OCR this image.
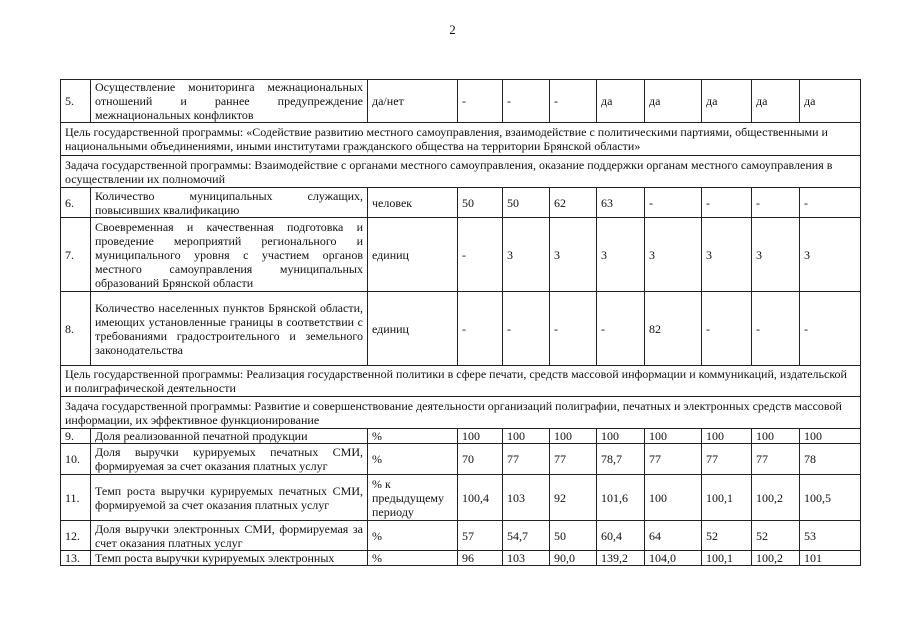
2
5.	Осуществление мониторинга межнациональных отношений и раннее предупреждение межнациональных конфликтов	да/нет	-	-	-	да	да	да	да	да
Цель государственной программы: «Содействие развитию местного самоуправления, взаимодействие с политическими партиями, общественными и национальными объединениями, иными институтами гражданского общества на территории Брянской области»										
Задача государственной программы: Взаимодействие с органами местного самоуправления, оказание поддержки органам местного самоуправления в осуществлении их полномочий										
6.	Количество муниципальных служащих, повысивших квалификацию	человек	50	50	62	63	-	-	-	-
7.	Своевременная и качественная подготовка и проведение мероприятий регионального и муниципального уровня с участием органов местного самоуправления муниципальных образований Брянской области	единиц	-	3	3	3	3	3	3	3
8.	Количество населенных пунктов Брянской области, имеющих установленные границы в соответствии с требованиями градостроительного и земельного законодательства	единиц	-	-	-	-	82	-	-	-
Цель государственной программы: Реализация государственной политики в сфере печати, средств массовой информации и коммуникаций, издательской и полиграфической деятельности										
Задача государственной программы: Развитие и совершенствование деятельности организаций полиграфии, печатных и электронных средств массовой информации, их эффективное функционирование										
9.	Доля реализованной печатной продукции	%	100	100	100	100	100	100	100	100
10.	Доля выручки курируемых печатных СМИ, формируемая за счет оказания платных услуг	%	70	77	77	78,7	77	77	77	78
11.	Темп роста выручки курируемых печатных СМИ, формируемой за счет оказания платных услуг	% к предыдущему периоду	100,4	103	92	101,6	100	100,1	100,2	100,5
12.	Доля выручки электронных СМИ, формируемая за счет оказания платных услуг	%	57	54,7	50	60,4	64	52	52	53
13.	Темп роста выручки курируемых электронных	%	96	103	90,0	139,2	104,0	100,1	100,2	101
